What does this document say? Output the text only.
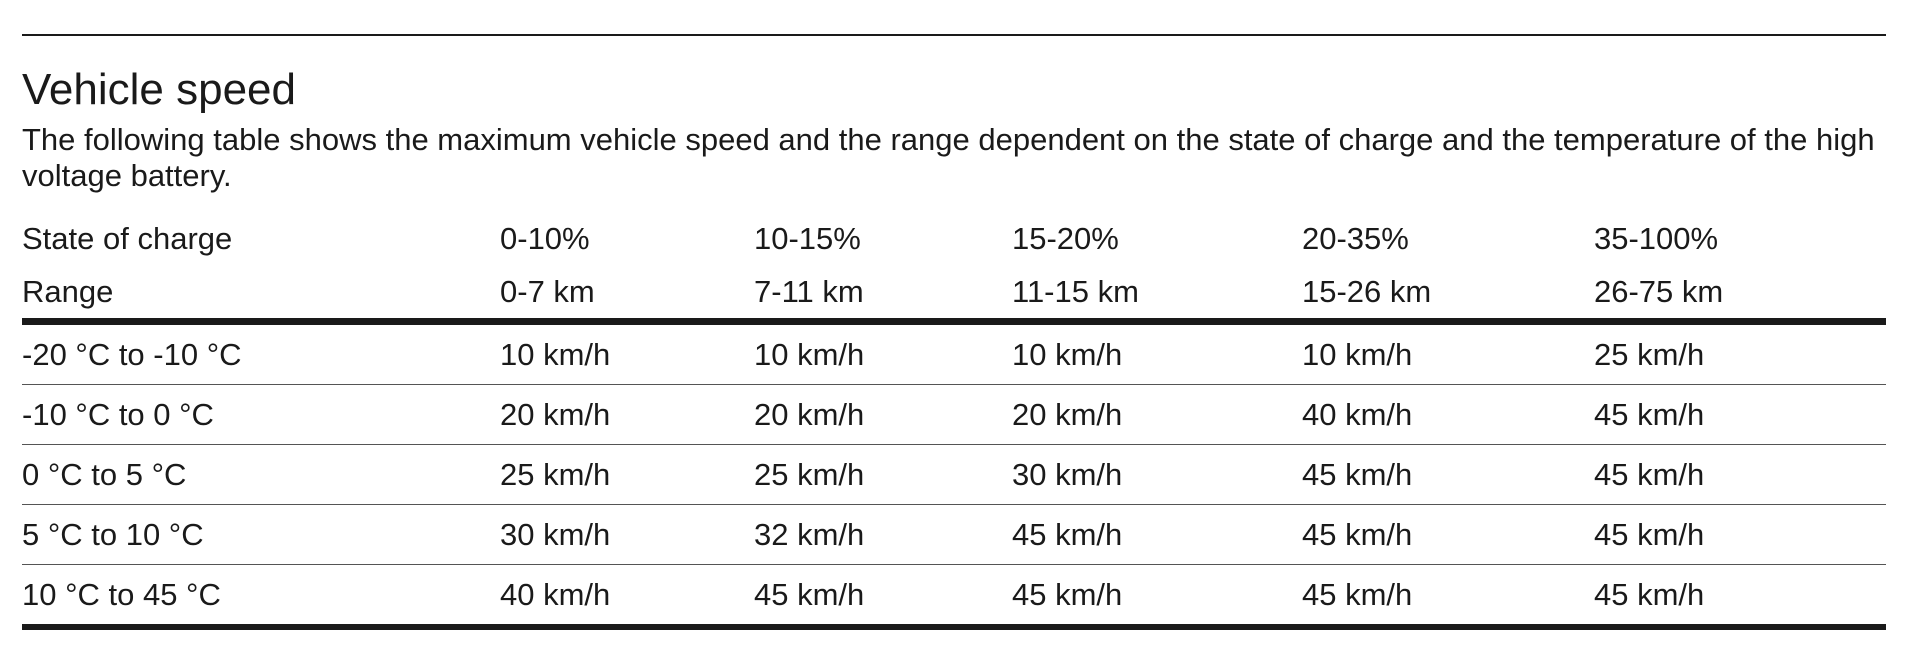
Vehicle speed

The following table shows the maximum vehicle speed and the range dependent on the state of charge and the temperature of the high voltage battery.

State of charge	0-10%	10-15%	15-20%	20-35%	35-100%
Range	0-7 km	7-11 km	11-15 km	15-26 km	26-75 km
-20 °C to -10 °C	10 km/h	10 km/h	10 km/h	10 km/h	25 km/h
-10 °C to 0 °C	20 km/h	20 km/h	20 km/h	40 km/h	45 km/h
0 °C to 5 °C	25 km/h	25 km/h	30 km/h	45 km/h	45 km/h
5 °C to 10 °C	30 km/h	32 km/h	45 km/h	45 km/h	45 km/h
10 °C to 45 °C	40 km/h	45 km/h	45 km/h	45 km/h	45 km/h
